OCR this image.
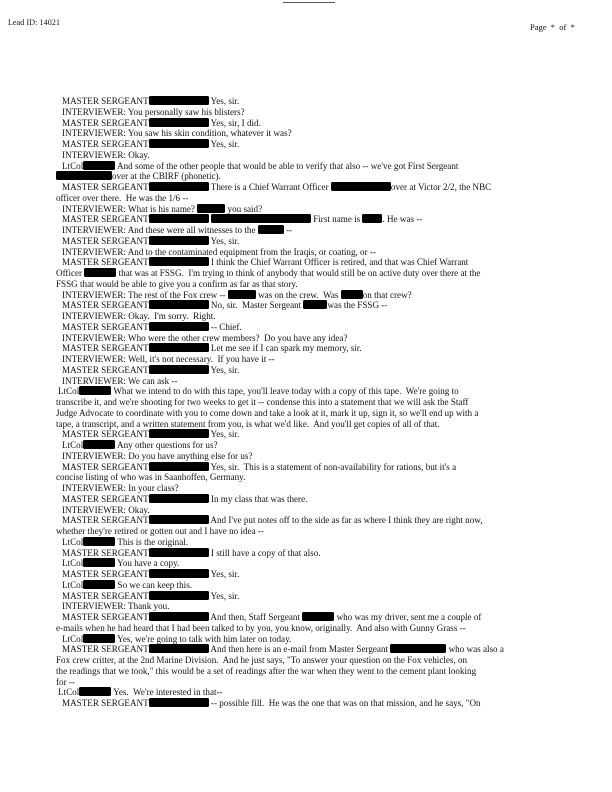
Lead ID: 14021	Page  *  of  *
MASTER SERGEANT	Yes, sir.
INTERVIEWER: You personally saw his blisters?
MASTER SERGEANT	Yes, sir, I did.
INTERVIEWER: You saw his skin condition, whatever it was?
MASTER SERGEANT	Yes, sir.
INTERVIEWER: Okay.
LtCol	And some of the other people that would be able to verify that also -- we've got First Sergeant
over at the CBIRF (phonetic).
MASTER SERGEANT	There is a Chief Warrant Officer	over at Victor 2/2, the NBC
officer over there.  He was the 1/6 --
INTERVIEWER: What is his name?	you said?
MASTER SERGEANT	First name is . He was --
INTERVIEWER: And these were all witnesses to the	--
MASTER SERGEANT	Yes, sir.
INTERVIEWER: And to the contaminated equipment from the Iraqis, or coating, or --
MASTER SERGEANT	I think the Chief Warrant Officer is retired, and that was Chief Warrant
Officer	that was at FSSG.  I'm trying to think of anybody that would still be on active duty over there at the
FSSG that would be able to give you a confirm as far as that story.
INTERVIEWER: The rest of the Fox crew --	was on the crew.  Was	on that crew?
MASTER SERGEANT	No, sir.  Master Sergeant	was the FSSG --
INTERVIEWER: Okay.  I'm sorry.  Right.
MASTER SERGEANT	-- Chief.
INTERVIEWER: Who were the other crew members?  Do you have any idea?
MASTER SERGEANT	Let me see if I can spark my memory, sir.
INTERVIEWER: Well, it's not necessary.  If you have it --
MASTER SERGEANT	Yes, sir.
INTERVIEWER: We can ask --
LtCol	What we intend to do with this tape, you'll leave today with a copy of this tape.  We're going to
transcribe it, and we're shooting for two weeks to get it -- condense this into a statement that we will ask the Staff
Judge Advocate to coordinate with you to come down and take a look at it, mark it up, sign it, so we'll end up with a
tape, a transcript, and a written statement from you, is what we'd like.  And you'll get copies of all of that.
MASTER SERGEANT	Yes, sir.
LtCol	Any other questions for us?
INTERVIEWER: Do you have anything else for us?
MASTER SERGEANT	Yes, sir.  This is a statement of non-availability for rations, but it's a
concise listing of who was in Saanhoffen, Germany.
INTERVIEWER: In your class?
MASTER SERGEANT	In my class that was there.
INTERVIEWER: Okay.
MASTER SERGEANT	And I've put notes off to the side as far as where I think they are right now,
whether they're retired or gotten out and I have no idea --
LtCol	This is the original.
MASTER SERGEANT	I still have a copy of that also.
LtCol	You have a copy.
MASTER SERGEANT	Yes, sir.
LtCol	So we can keep this.
MASTER SERGEANT	Yes, sir.
INTERVIEWER: Thank you.
MASTER SERGEANT	And then, Staff Sergeant	who was my driver, sent me a couple of
e-mails when he had heard that I had been talked to by you, you know, originally.  And also with Gunny Grass --
LtCol	Yes, we're going to talk with him later on today.
MASTER SERGEANT	And then here is an e-mail from Master Sergeant	who was also a
Fox crew critter, at the 2nd Marine Division.  And he just says, "To answer your question on the Fox vehicles, on
the readings that we took," this would be a set of readings after the war when they went to the cement plant looking
for --
LtCol	Yes.  We're interested in that--
MASTER SERGEANT	-- possible fill.  He was the one that was on that mission, and he says, "On
